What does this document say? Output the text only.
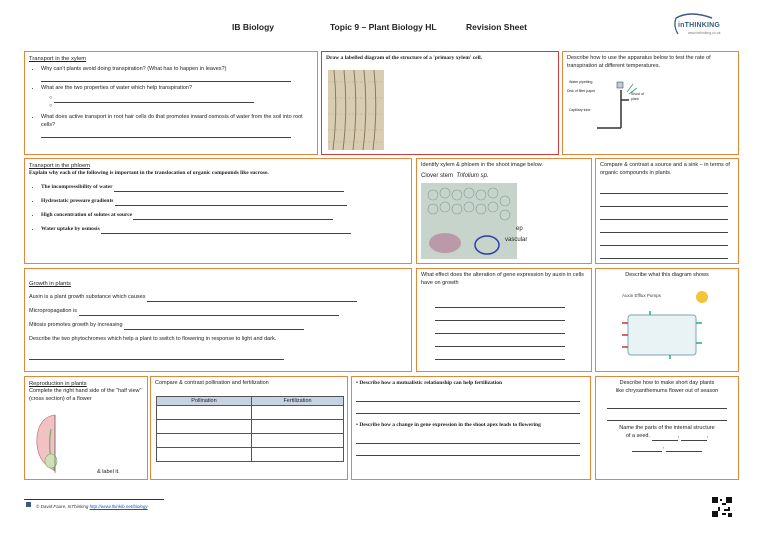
IB Biology	Topic 9 – Plant Biology HL	Revision Sheet	inTHINKING
www.inthinking.co.uk
Transport in the xylem
• Why can't plants avoid doing transpiration? (What has to happen in leaves?)
• What are the two properties of water which help transpiration?
○
○
• What does active transport in root hair cells do that promotes inward osmosis of water from the soil into root cells?
Draw a labelled diagram of the structure of a 'primary xylem' cell.	Describe how to use the apparatus below to test the rate of transpiration at different temperatures.
Water pipetting
Disk of filter paper
Shoot of plant
Capillary tube
Transport in the phloem
Explain why each of the following is important in the translocation of organic compounds like sucrose.
• The incompressibility of water
• Hydrostatic pressure gradients
• High concentration of solutes at source
• Water uptake by osmosis
Identify xylem & phloem in the shoot image below.
Clover stem Trifolium sp.
ep
vascular
Compare & contrast a source and a sink – in terms of organic compounds in plants.
Growth in plants
Auxin is a plant growth substance which causes
Micropropagation is
Mitosis promotes growth by increasing
Describe the two phytochromes which help a plant to switch to flowering in response to light and dark.
What effect does the alteration of gene expression by auxin in cells have on growth
Describe what this diagram shows
Auxin Efflux Pumps
Reproduction in plants
Complete the right hand side of the "half view" (cross section) of a flower
& label it.
Compare & contrast pollination and fertilization
Pollination	Fertilization

• Describe how a mutualistic relationship can help fertilization
• Describe how a change in gene expression in the shoot apex leads to flowering
Describe how to make short day plants
like chrysanthemums flower out of season
Name the parts of the internal structure
of a seed.	,	,
,
© David Faure, InThinking http://www.thinkib.net/biology
